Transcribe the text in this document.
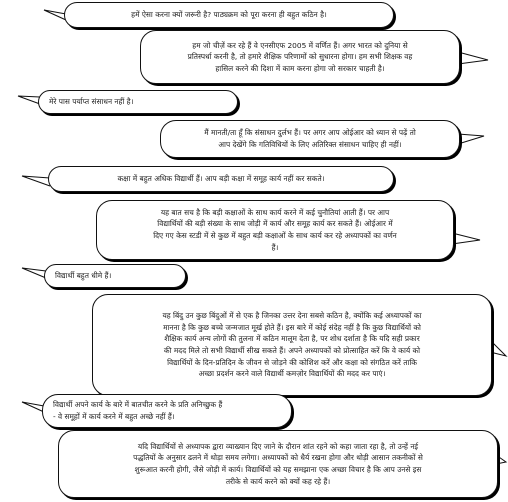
हमें ऐसा करना क्यों जरूरी है? पाठ्यक्रम को पूरा करना ही बहुत कठिन है।
हम जो चीज़ें कर रहे हैं वे एनसीएफ 2005 में वर्णित हैं। अगर भारत को दुनिया से
प्रतिस्पर्धा करनी है, तो हमारे शैक्षिक परिणामों को सुधारना होगा। हम सभी शिक्षक वह
हासिल करने की दिशा में काम करना होगा जो सरकार चाहती है।
मेरे पास पर्याप्त संसाधन नहीं है।
मैं मानती/ता हूँ कि संसाधन दुर्लभ हैं। पर अगर आप ओईआर को ध्यान से पढ़ें तो
आप देखेंगे कि गतिविधियों के लिए अतिरिक्त संसाधन चाहिए ही नहीं।
कक्षा में बहुत अधिक विद्यार्थी हैं। आप बड़ी कक्षा में समूह कार्य नहीं कर सकते।
यह बात सच है कि बड़ी कक्षाओं के साथ कार्य करने में कई चुनौतियां आती हैं। पर आप
विद्यार्थियों की बड़ी संख्या के साथ जोड़ी में कार्य और समूह कार्य कर सकते हैं। ओईआर में
दिए गए केस स्टडी में से कुछ में बहुत बड़ी कक्षाओं के साथ कार्य कर रहे अध्यापकों का वर्णन
हैं।
विद्यार्थी बहुत धीमे हैं।
यह बिंदु उन कुछ बिंदुओं में से एक है जिनका उत्तर देना सबसे कठिन है, क्योंकि कई अध्यापकों का
मानना है कि कुछ बच्चे जन्मजात मूर्ख होते हैं। इस बारे में कोई संदेह नहीं है कि कुछ विद्यार्थियों को
शैक्षिक कार्य अन्य लोगों की तुलना में कठिन मालूम देता है, पर शोध दर्शाता है कि यदि सही प्रकार
की मदद मिले तो सभी विद्यार्थी सीख सकते हैं। अपने अध्यापकों को प्रोत्साहित करें कि वे कार्य को
विद्यार्थियों के दिन-प्रतिदिन के जीवन से जोड़ने की कोशिश करें और कक्षा को संगठित करें ताकि
अच्छा प्रदर्शन करने वाले विद्यार्थी कमज़ोर विद्यार्थियों की मदद कर पाएं।
विद्यार्थी अपने कार्य के बारे में बातचीत करने के प्रति अनिच्छुक हैं
- वे समूहों में कार्य करने में बहुत अच्छे नहीं हैं।
यदि विद्यार्थियों से अध्यापक द्वारा व्याख्यान दिए जाने के दौरान शांत रहने को कहा जाता रहा है, तो उन्हें नई
पद्धतियों के अनुसार ढलने में थोड़ा समय लगेगा। अध्यापकों को धैर्य रखना होगा और थोड़ी आसान तकनीकों से
शुरूआत करनी होगी, जैसे जोड़ी में कार्य। विद्यार्थियों को यह समझाना एक अच्छा विचार है कि आप उनसे इस
तरीके से कार्य करने को क्यों कह रहे हैं।
